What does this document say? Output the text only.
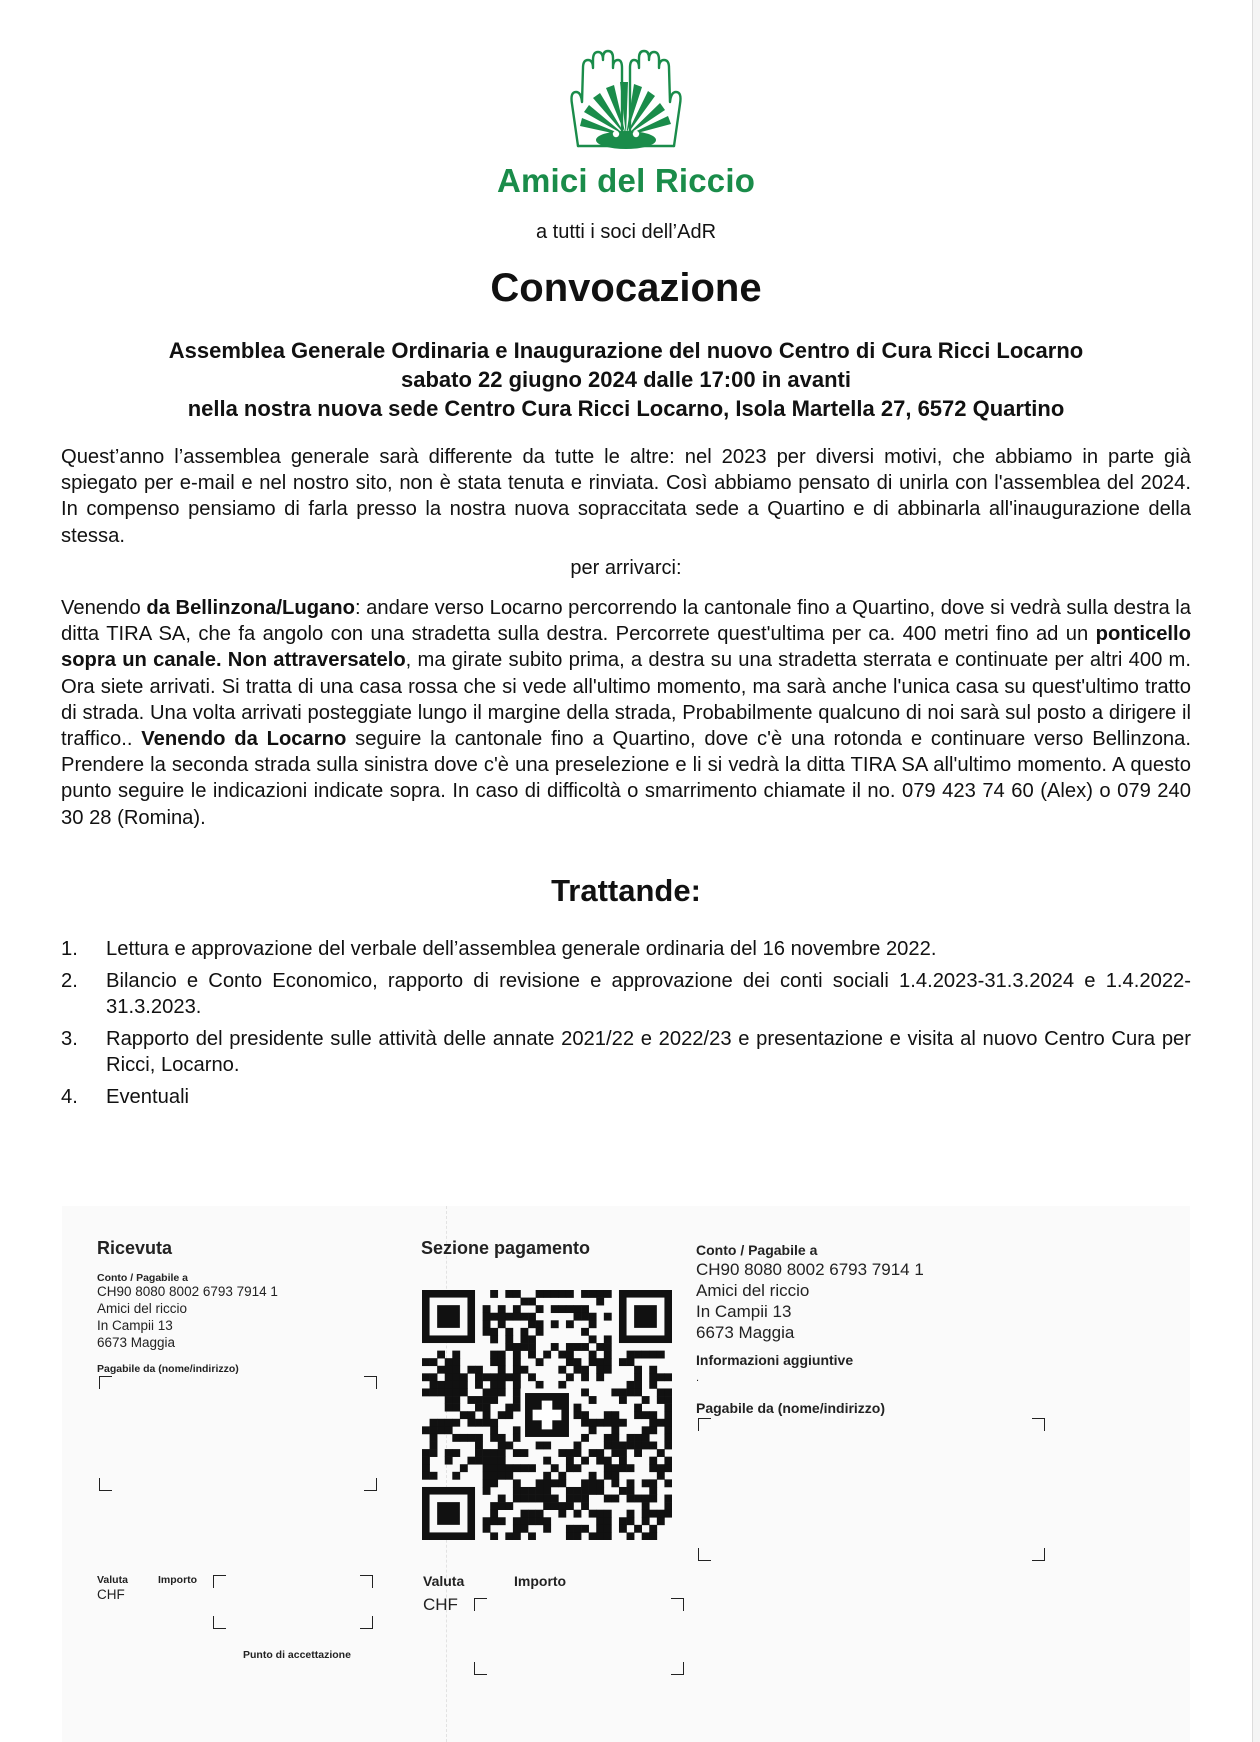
Amici del Riccio
a tutti i soci dell’AdR
Convocazione
Assemblea Generale Ordinaria e Inaugurazione del nuovo Centro di Cura Ricci Locarno
sabato 22 giugno 2024 dalle 17:00 in avanti
nella nostra nuova sede Centro Cura Ricci Locarno, Isola Martella 27, 6572 Quartino
Quest’anno l’assemblea generale sarà differente da tutte le altre: nel 2023 per diversi motivi, che abbiamo in parte già spiegato per e-mail e nel nostro sito, non è stata tenuta e rinviata. Così abbiamo pensato di unirla con l'assemblea del 2024. In compenso pensiamo di farla presso la nostra nuova sopraccitata sede a Quartino e di abbinarla all'inaugurazione della stessa.
per arrivarci:
Venendo da Bellinzona/Lugano: andare verso Locarno percorrendo la cantonale fino a Quartino, dove si vedrà sulla destra la ditta TIRA SA, che fa angolo con una stradetta sulla destra. Percorrete quest'ultima per ca. 400 metri fino ad un ponticello sopra un canale. Non attraversatelo, ma girate subito prima, a destra su una stradetta sterrata e continuate per altri 400 m. Ora siete arrivati. Si tratta di una casa rossa che si vede all'ultimo momento, ma sarà anche l'unica casa su quest'ultimo tratto di strada. Una volta arrivati posteggiate lungo il margine della strada, Probabilmente qualcuno di noi sarà sul posto a dirigere il traffico.. Venendo da Locarno seguire la cantonale fino a Quartino, dove c'è una rotonda e continuare verso Bellinzona. Prendere la seconda strada sulla sinistra dove c'è una preselezione e li si vedrà la ditta TIRA SA all'ultimo momento. A questo punto seguire le indicazioni indicate sopra. In caso di difficoltà o smarrimento chiamate il no. 079 423 74 60 (Alex) o 079 240 30 28 (Romina).
Trattande:
1.	Lettura e approvazione del verbale dell’assemblea generale ordinaria del 16 novembre 2022.
2.	Bilancio e Conto Economico, rapporto di revisione e approvazione dei conti sociali 1.4.2023-31.3.2024 e 1.4.2022-31.3.2023.
3.	Rapporto del presidente sulle attività delle annate 2021/22 e 2022/23 e presentazione e visita al nuovo Centro Cura per Ricci, Locarno.
4.	Eventuali
Ricevuta
Conto / Pagabile a
CH90 8080 8002 6793 7914 1
Amici del riccio
In Campii 13
6673 Maggia
Pagabile da (nome/indirizzo)
Valuta	Importo
CHF
Punto di accettazione
Sezione pagamento
Valuta	Importo
CHF
Conto / Pagabile a
CH90 8080 8002 6793 7914 1
Amici del riccio
In Campii 13
6673 Maggia
Informazioni aggiuntive
.
Pagabile da (nome/indirizzo)
